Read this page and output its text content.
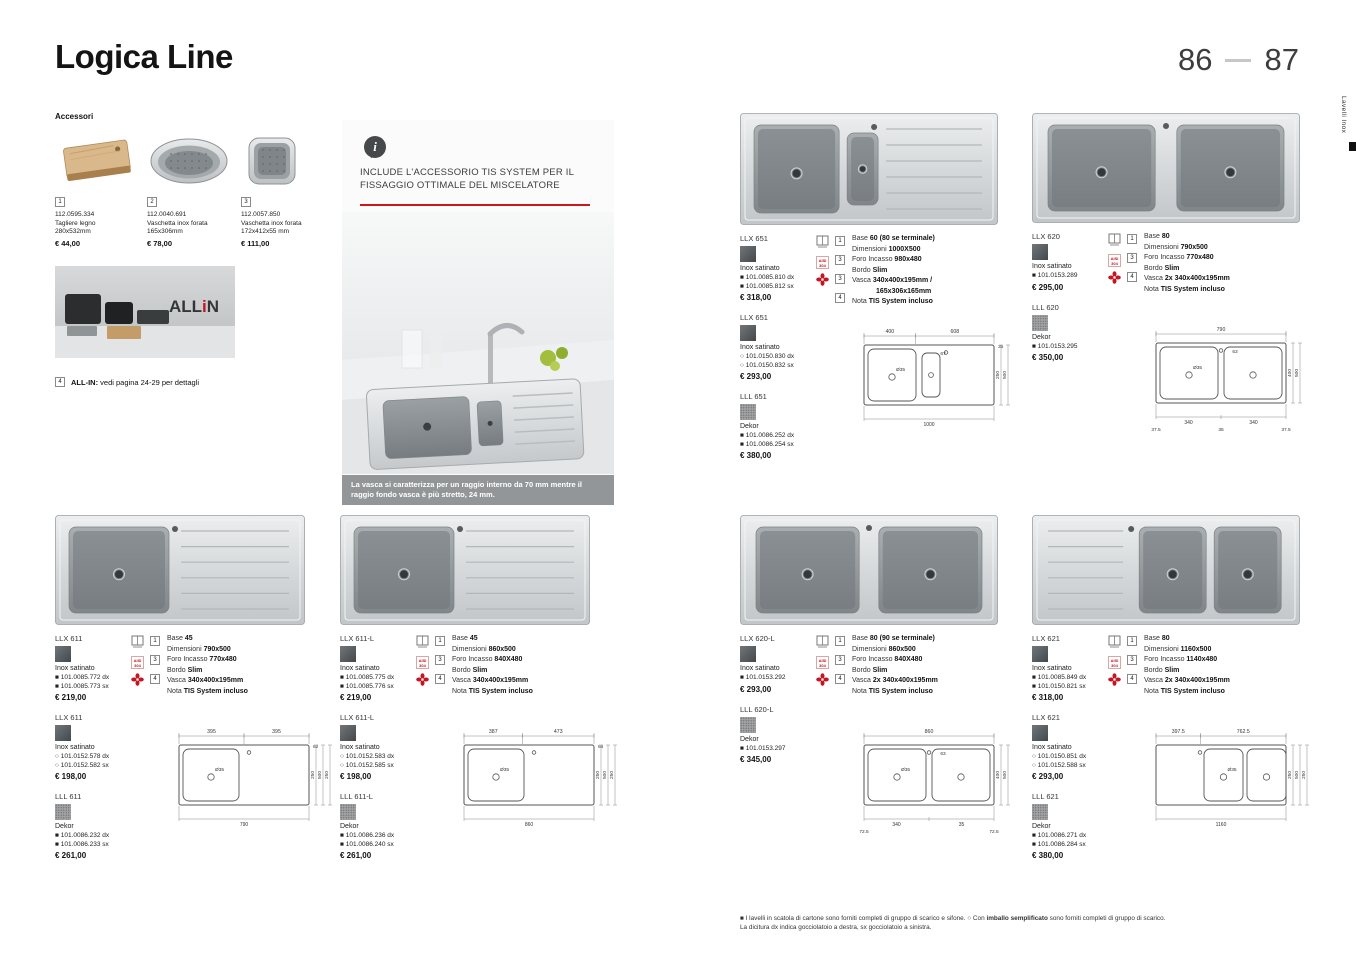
Logica Line	86 87
Lavelli Inox
Accessori
1
112.0595.334
Tagliere legno
280x532mm
€ 44,00
2
112.0040.691
Vaschetta inox forata
165x306mm
€ 78,00
3
112.0057.850
Vaschetta inox forata
172x412x55 mm
€ 111,00
ALLiN
4	ALL-IN: vedi pagina 24-29 per dettagli
i
INCLUDE L'ACCESSORIO TIS SYSTEM PER IL
FISSAGGIO OTTIMALE DEL MISCELATORE
La vasca si caratterizza per un raggio interno da 70 mm mentre il raggio fondo vasca è più stretto, 24 mm.
LLX 651
Inox satinato
■ 101.0085.810 dx
■ 101.0085.812 sx
€ 318,00
LLX 651
Inox satinato
○ 101.0150.830 dx
○ 101.0150.832 sx
€ 293,00
LLL 651
Dekor
■ 101.0086.252 dx
■ 101.0086.254 sx
€ 380,00
1
AISI
304
3
3
4
Base 60 (80 se terminale)
Dimensioni 1000X500
Foro Incasso 980x480
Bordo Slim
Vasca 340x400x195mm /
165x306x165mm
Nota TIS System incluso
400	608
Ø35
67
35
250 500
1000
LLX 620
Inox satinato
■ 101.0153.289
€ 295,00
LLL 620
Dekor
■ 101.0153.295
€ 350,00
1
AISI
304
3
4
Base 80
Dimensioni 790x500
Foro Incasso 770x480
Bordo Slim
Vasca 2x 340x400x195mm
Nota TIS System incluso
790
Ø35
63
400 500
340	340
37.5	35	37.5
LLX 611
Inox satinato
■ 101.0085.772 dx
■ 101.0085.773 sx
€ 219,00
LLX 611
Inox satinato
○ 101.0152.578 dx
○ 101.0152.582 sx
€ 198,00
LLL 611
Dekor
■ 101.0086.232 dx
■ 101.0086.233 sx
€ 261,00
1
AISI
304
3
4
Base 45
Dimensioni 790x500
Foro Incasso 770x480
Bordo Slim
Vasca 340x400x195mm
Nota TIS System incluso
395	395
Ø35
62
250 500 250
790
LLX 611-L
Inox satinato
■ 101.0085.775 dx
■ 101.0085.776 sx
€ 219,00
LLX 611-L
Inox satinato
○ 101.0152.583 dx
○ 101.0152.585 sx
€ 198,00
LLL 611-L
Dekor
■ 101.0086.236 dx
■ 101.0086.240 sx
€ 261,00
1
AISI
304
3
4
Base 45
Dimensioni 860x500
Foro Incasso 840X480
Bordo Slim
Vasca 340x400x195mm
Nota TIS System incluso
387	473
Ø35
66
250 500 250
860
LLX 620-L
Inox satinato
■ 101.0153.292
€ 293,00
LLL 620-L
Dekor
■ 101.0153.297
€ 345,00
1
AISI
304
3
4
Base 80 (90 se terminale)
Dimensioni 860x500
Foro Incasso 840X480
Bordo Slim
Vasca 2x 340x400x195mm
Nota TIS System incluso
860
Ø35
63
400 500
340	35
72.5	72.5
LLX 621
Inox satinato
■ 101.0085.849 dx
■ 101.0150.821 sx
€ 318,00
LLX 621
Inox satinato
○ 101.0150.851 dx
○ 101.0152.588 sx
€ 293,00
LLL 621
Dekor
■ 101.0086.271 dx
■ 101.0086.284 sx
€ 380,00
1
AISI
304
3
4
Base 80
Dimensioni 1160x500
Foro Incasso 1140x480
Bordo Slim
Vasca 2x 340x400x195mm
Nota TIS System incluso
397.5	762.5
Ø35
250 500 250
1160
■ I lavelli in scatola di cartone sono forniti completi di gruppo di scarico e sifone. ○ Con imballo semplificato sono forniti completi di gruppo di scarico.
La dicitura dx indica gocciolatoio a destra, sx gocciolatoio a sinistra.
